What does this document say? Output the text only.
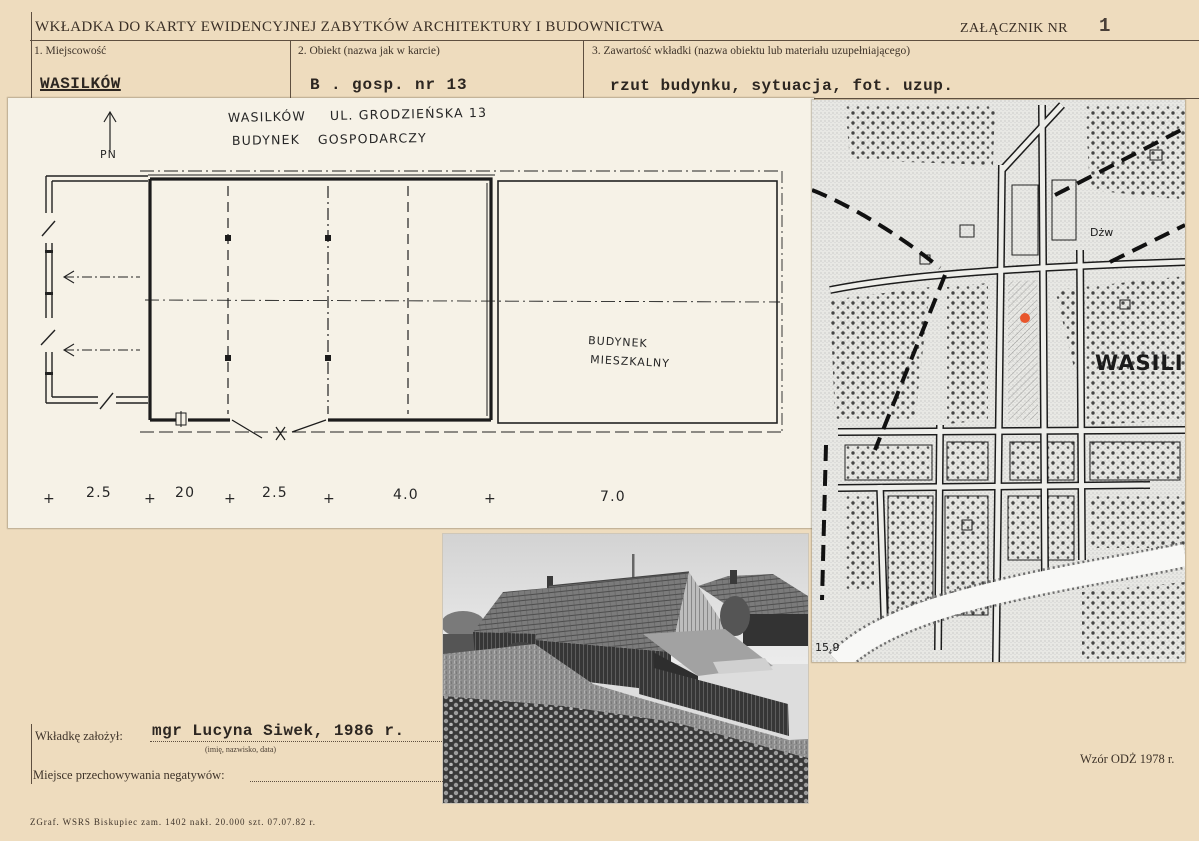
WKŁADKA DO KARTY EWIDENCYJNEJ ZABYTKÓW ARCHITEKTURY I BUDOWNICTWA	ZAŁĄCZNIK NR 1
1. Miejscowość	2. Obiekt (nazwa jak w karcie)	3. Zawartość wkładki (nazwa obiektu lub materiału uzupełniającego)
WASILKÓW	B . gosp. nr 13	rzut budynku, sytuacja, fot. uzup.
PN
WASILKÓW UL. GRODZIEŃSKA 13
BUDYNEK GOSPODARCZY
BUDYNEK
MIESZKALNY
+ 2.5 + 20 + 2.5	+	4.0	+	7.0
WASILI
Dżw
15.9
Wkładkę założył: mgr Lucyna Siwek, 1986 r.
(imię, nazwisko, data)
Miejsce przechowywania negatywów:
Wzór ODŻ 1978 r.
ZGraf. WSRS Biskupiec zam. 1402 nakł. 20.000 szt. 07.07.82 r.
